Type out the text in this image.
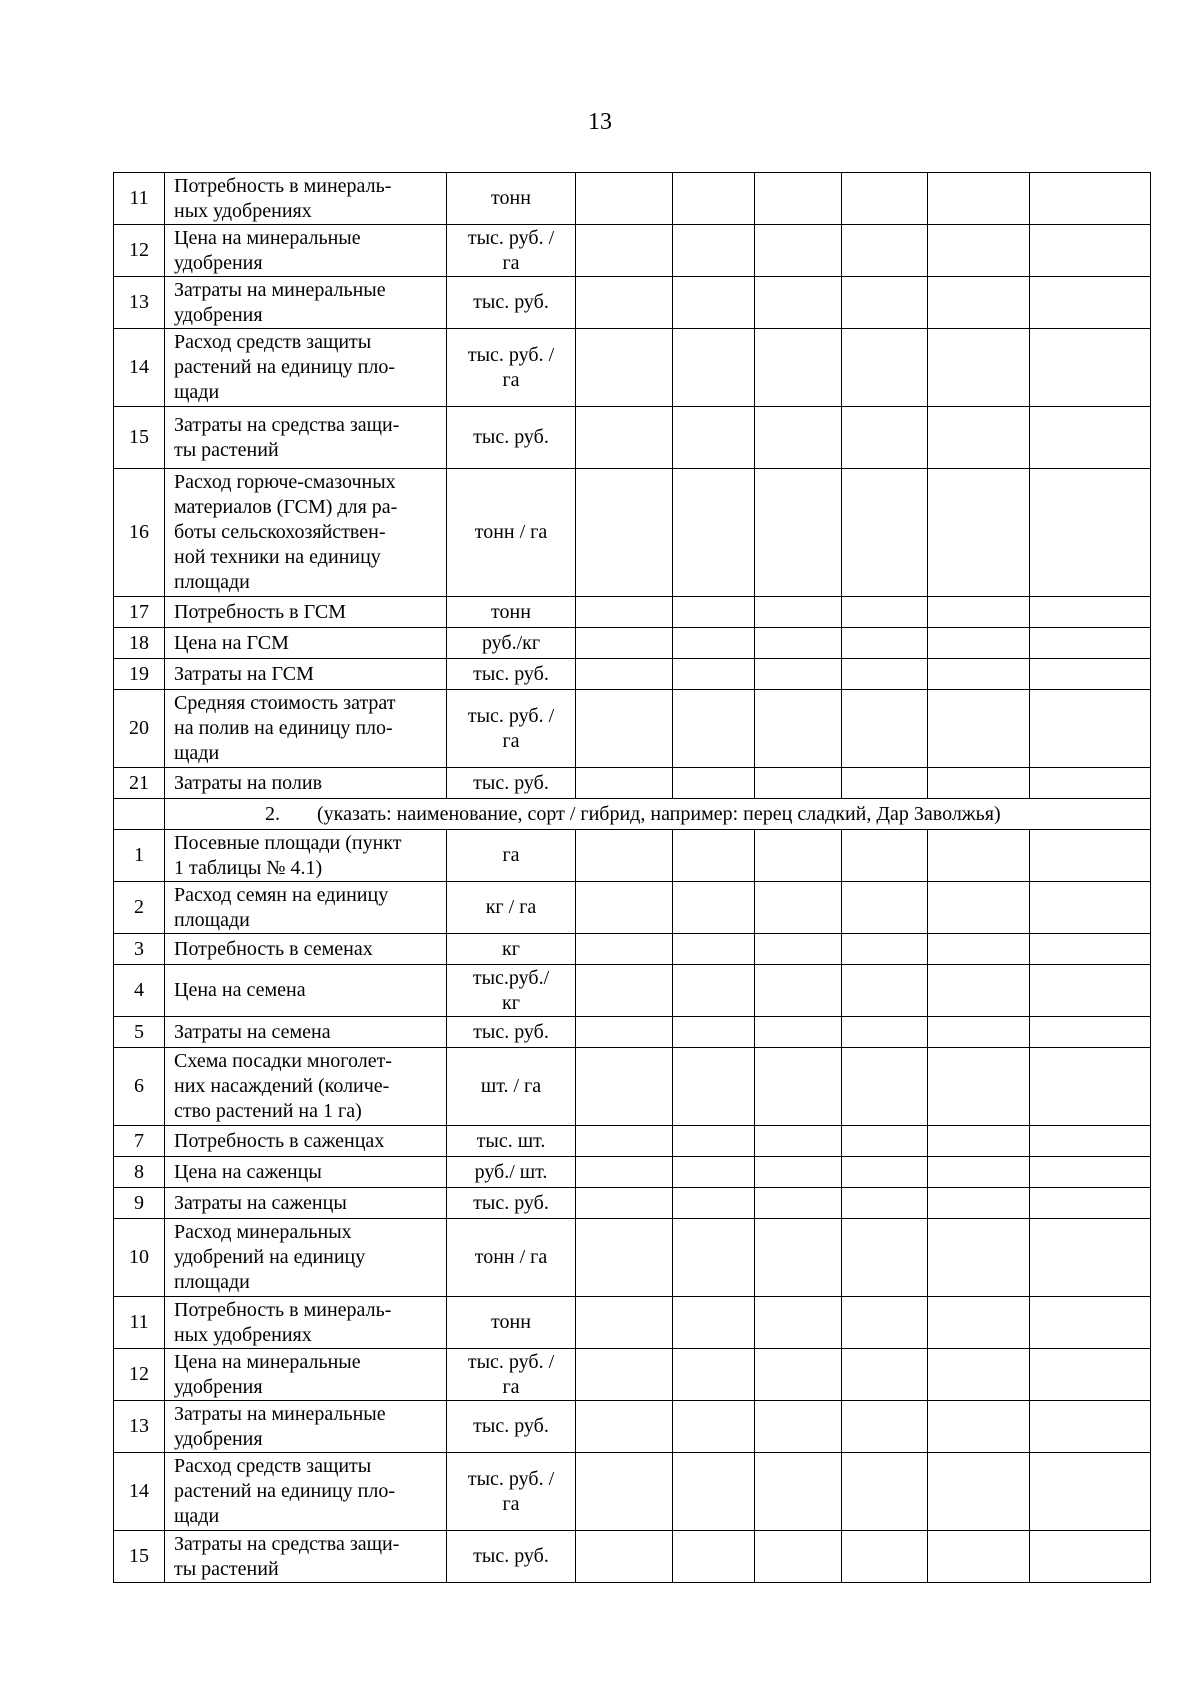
13
11	Потребность в минераль-
ных удобрениях	тонн						
12	Цена на минеральные
удобрения	тыс. руб. /
га						
13	Затраты на минеральные
удобрения	тыс. руб.						
14	Расход средств защиты
растений на единицу пло-
щади	тыс. руб. /
га						
15	Затраты на средства защи-
ты растений	тыс. руб.						
16	Расход горюче-смазочных
материалов (ГСМ) для ра-
боты сельскохозяйствен-
ной техники на единицу
площади	тонн / га						
17	Потребность в ГСМ	тонн						
18	Цена на ГСМ	руб./кг						
19	Затраты на ГСМ	тыс. руб.						
20	Средняя стоимость затрат
на полив на единицу пло-
щади	тыс. руб. /
га						
21	Затраты на полив	тыс. руб.						

	2. (указать: наименование, сорт / гибрид, например: перец сладкий, Дар Заволжья)							

1	Посевные площади (пункт
1 таблицы № 4.1)	га						
2	Расход семян на единицу
площади	кг / га						
3	Потребность в семенах	кг						
4	Цена на семена	тыс.руб./
кг						
5	Затраты на семена	тыс. руб.						
6	Схема посадки многолет-
них насаждений (количе-
ство растений на 1 га)	шт. / га						
7	Потребность в саженцах	тыс. шт.						
8	Цена на саженцы	руб./ шт.						
9	Затраты на саженцы	тыс. руб.						
10	Расход минеральных
удобрений на единицу
площади	тонн / га						
11	Потребность в минераль-
ных удобрениях	тонн						
12	Цена на минеральные
удобрения	тыс. руб. /
га						
13	Затраты на минеральные
удобрения	тыс. руб.						
14	Расход средств защиты
растений на единицу пло-
щади	тыс. руб. /
га						
15	Затраты на средства защи-
ты растений	тыс. руб.						
